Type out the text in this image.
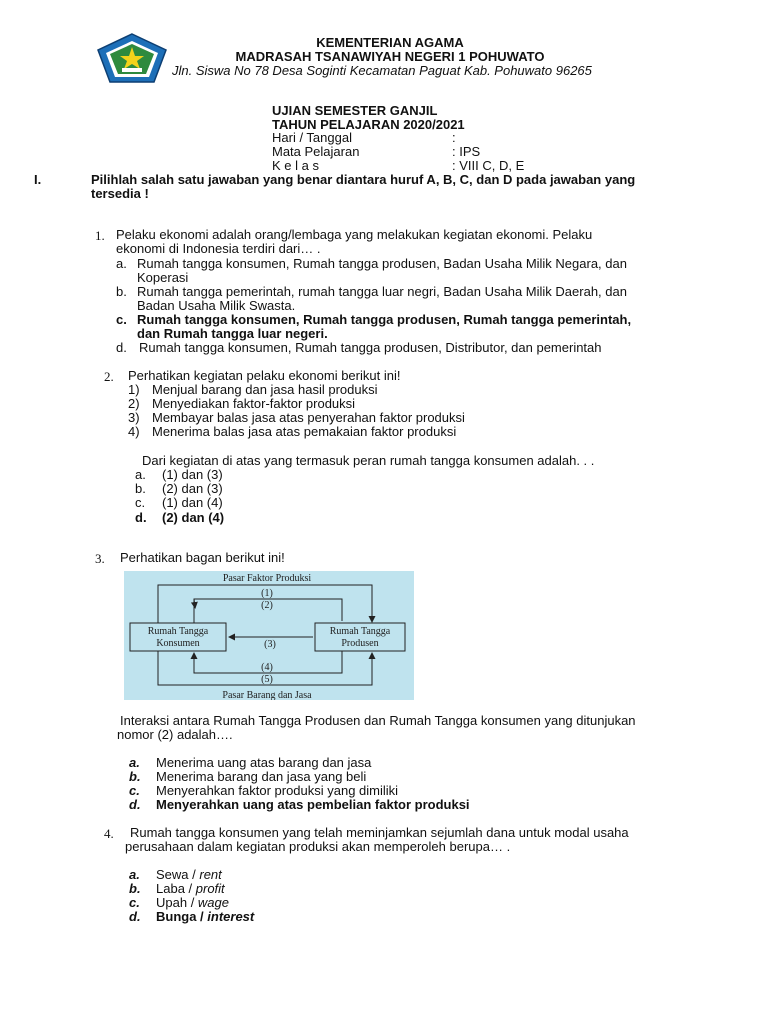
KEMENTERIAN AGAMA
MADRASAH TSANAWIYAH NEGERI 1 POHUWATO
Jln. Siswa No 78 Desa Soginti Kecamatan Paguat Kab. Pohuwato 96265
UJIAN SEMESTER GANJIL
TAHUN PELAJARAN 2020/2021
Hari / Tanggal	:
Mata Pelajaran	: IPS
K e l a s	: VIII C, D, E
I.	Pilihlah salah satu jawaban yang benar diantara huruf A, B, C, dan D pada jawaban yang
tersedia !
1. Pelaku ekonomi adalah orang/lembaga yang melakukan kegiatan ekonomi. Pelaku
ekonomi di Indonesia terdiri dari… .
a. Rumah tangga konsumen, Rumah tangga produsen, Badan Usaha Milik Negara, dan
Koperasi
b. Rumah tangga pemerintah, rumah tangga luar negri, Badan Usaha Milik Daerah, dan
Badan Usaha Milik Swasta.
c. Rumah tangga konsumen, Rumah tangga produsen, Rumah tangga pemerintah,
dan Rumah tangga luar negeri.
d. Rumah tangga konsumen, Rumah tangga produsen, Distributor, dan pemerintah
2. Perhatikan kegiatan pelaku ekonomi berikut ini!
1) Menjual barang dan jasa hasil produksi
2) Menyediakan faktor-faktor produksi
3) Membayar balas jasa atas penyerahan faktor produksi
4) Menerima balas jasa atas pemakaian faktor produksi
Dari kegiatan di atas yang termasuk peran rumah tangga konsumen adalah. . .
a. (1) dan (3)
b. (2) dan (3)
c. (1) dan (4)
d. (2) dan (4)
3. Perhatikan bagan berikut ini!
Pasar Faktor Produksi
Pasar Barang dan Jasa
Rumah Tangga
Konsumen
Rumah Tangga
Produsen
(1)
(2)
(3)
(4)
(5)
Interaksi antara Rumah Tangga Produsen dan Rumah Tangga konsumen yang ditunjukan
nomor (2) adalah….
a. Menerima uang atas barang dan jasa
b. Menerima barang dan jasa yang beli
c. Menyerahkan faktor produksi yang dimiliki
d. Menyerahkan uang atas pembelian faktor produksi
4. Rumah tangga konsumen yang telah meminjamkan sejumlah dana untuk modal usaha
perusahaan dalam kegiatan produksi akan memperoleh berupa… .
a. Sewa / rent
b. Laba / profit
c. Upah / wage
d. Bunga / interest
